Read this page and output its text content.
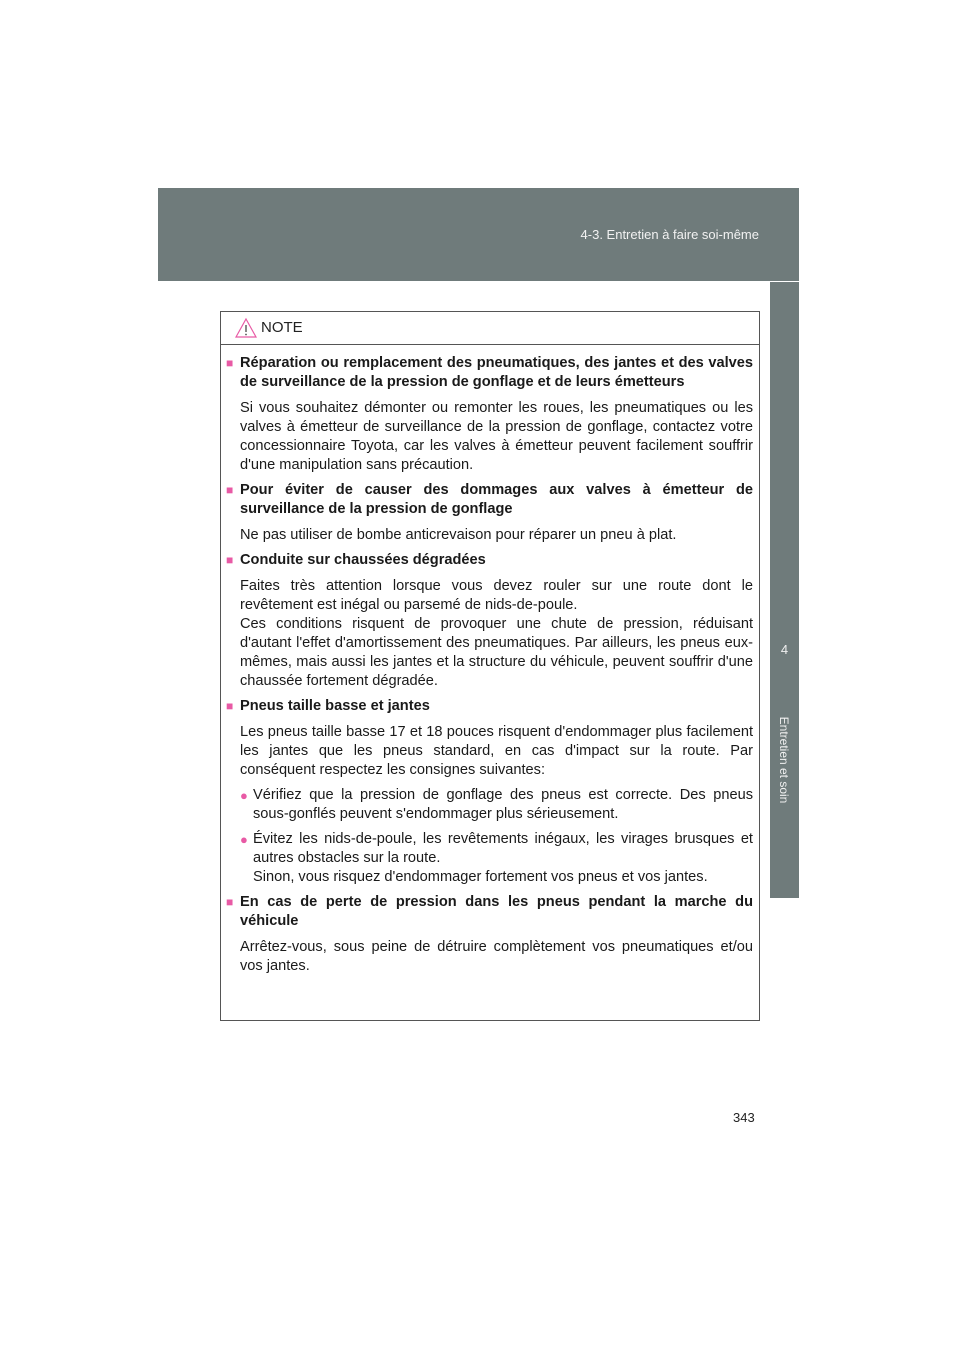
4-3. Entretien à faire soi-même
4
Entretien et soin
NOTE
■ Réparation ou remplacement des pneumatiques, des jantes et des valves de surveillance de la pression de gonflage et de leurs émetteurs
Si vous souhaitez démonter ou remonter les roues, les pneumatiques ou les valves à émetteur de surveillance de la pression de gonflage, contactez votre concessionnaire Toyota, car les valves à émetteur peuvent facilement souffrir d'une manipulation sans précaution.
■ Pour éviter de causer des dommages aux valves à émetteur de surveillance de la pression de gonflage
Ne pas utiliser de bombe anticrevaison pour réparer un pneu à plat.
■ Conduite sur chaussées dégradées
Faites très attention lorsque vous devez rouler sur une route dont le revêtement est inégal ou parsemé de nids-de-poule.
Ces conditions risquent de provoquer une chute de pression, réduisant d'autant l'effet d'amortissement des pneumatiques. Par ailleurs, les pneus eux-mêmes, mais aussi les jantes et la structure du véhicule, peuvent souffrir d'une chaussée fortement dégradée.
■ Pneus taille basse et jantes
Les pneus taille basse 17 et 18 pouces risquent d'endommager plus facilement les jantes que les pneus standard, en cas d'impact sur la route. Par conséquent respectez les consignes suivantes:
● Vérifiez que la pression de gonflage des pneus est correcte. Des pneus sous-gonflés peuvent s'endommager plus sérieusement.
● Évitez les nids-de-poule, les revêtements inégaux, les virages brusques et autres obstacles sur la route.
Sinon, vous risquez d'endommager fortement vos pneus et vos jantes.
■ En cas de perte de pression dans les pneus pendant la marche du véhicule
Arrêtez-vous, sous peine de détruire complètement vos pneumatiques et/ou vos jantes.
343
